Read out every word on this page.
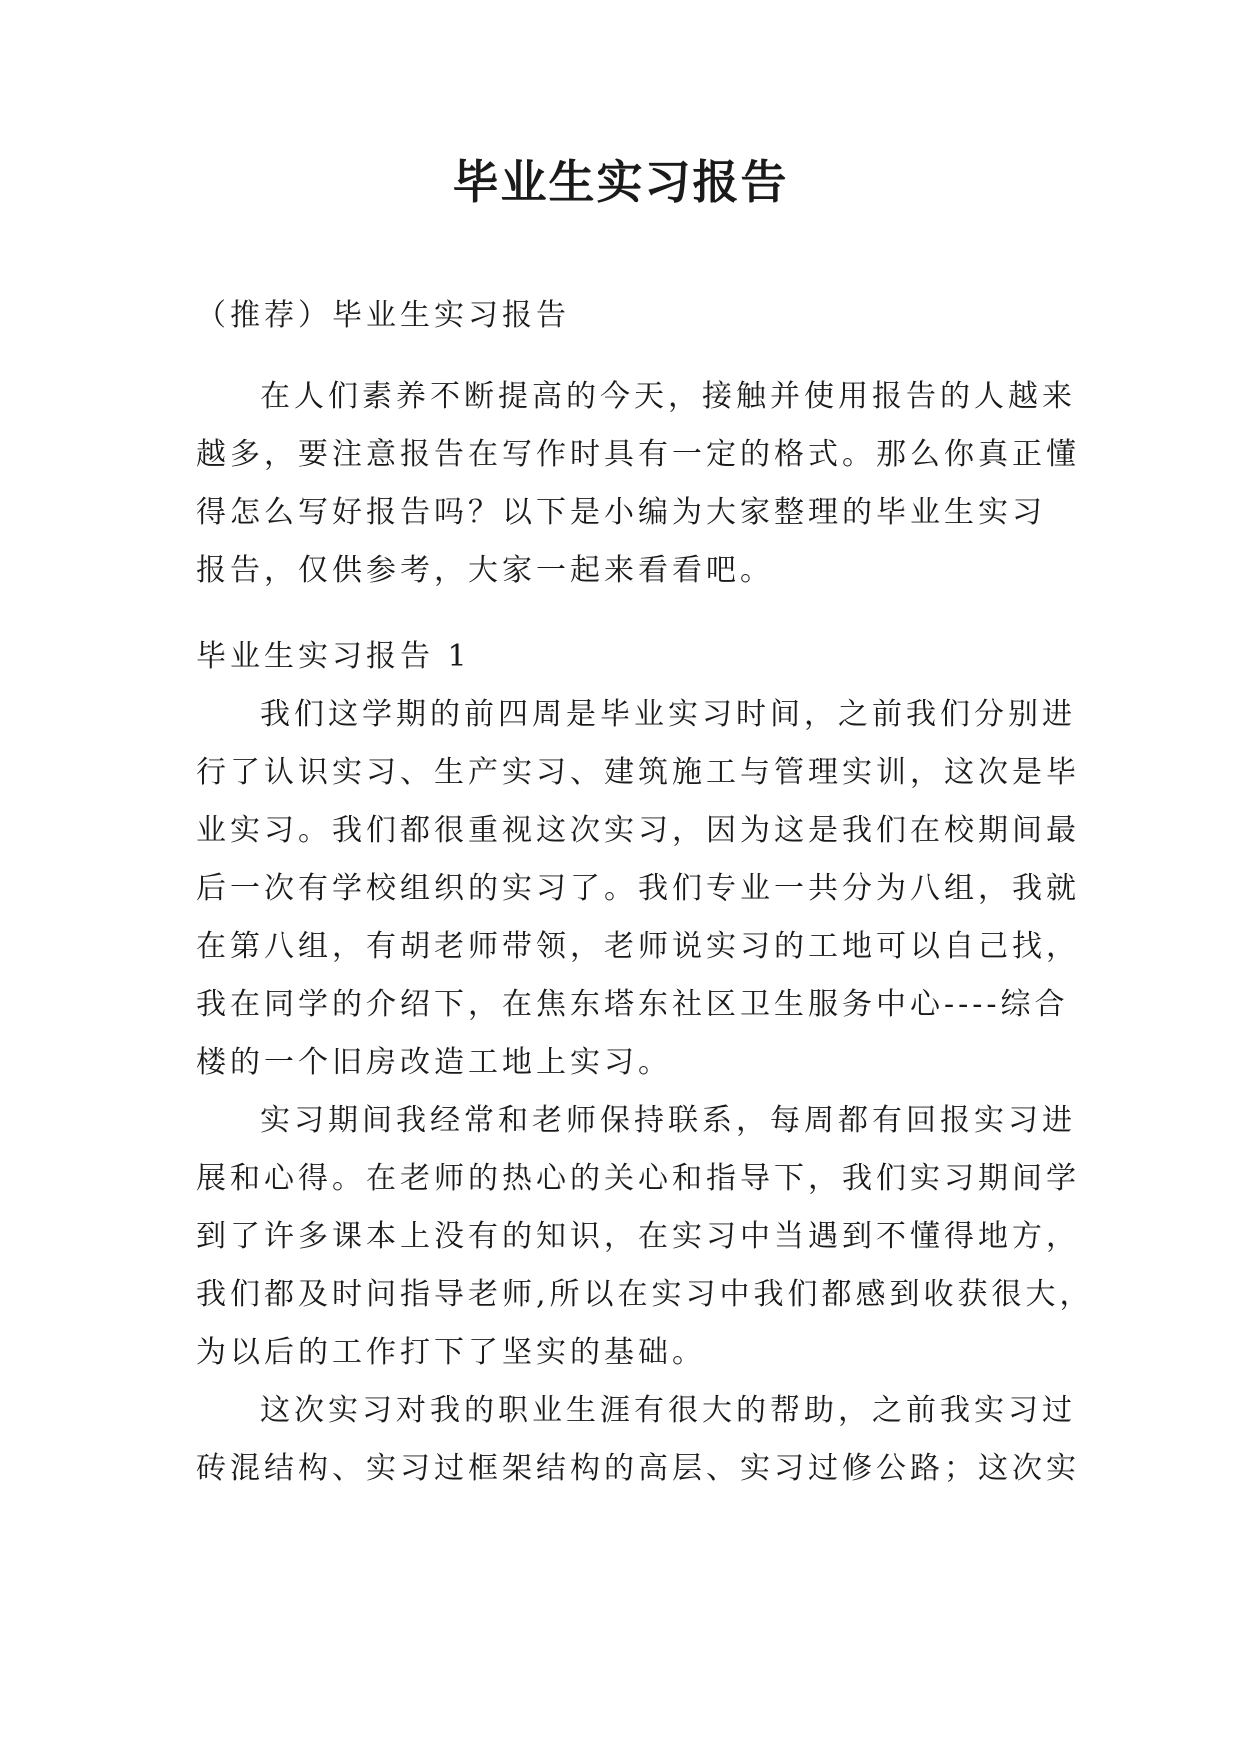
毕业生实习报告
（推荐）毕业生实习报告
在人们素养不断提高的今天，接触并使用报告的人越来
越多，要注意报告在写作时具有一定的格式。那么你真正懂
得怎么写好报告吗？以下是小编为大家整理的毕业生实习
报告，仅供参考，大家一起来看看吧。
毕业生实习报告 1
我们这学期的前四周是毕业实习时间，之前我们分别进
行了认识实习、生产实习、建筑施工与管理实训，这次是毕
业实习。我们都很重视这次实习，因为这是我们在校期间最
后一次有学校组织的实习了。我们专业一共分为八组，我就
在第八组，有胡老师带领，老师说实习的工地可以自己找，
我在同学的介绍下，在焦东塔东社区卫生服务中心----综合
楼的一个旧房改造工地上实习。
实习期间我经常和老师保持联系，每周都有回报实习进
展和心得。在老师的热心的关心和指导下，我们实习期间学
到了许多课本上没有的知识，在实习中当遇到不懂得地方，
我们都及时问指导老师,所以在实习中我们都感到收获很大，
为以后的工作打下了坚实的基础。
这次实习对我的职业生涯有很大的帮助，之前我实习过
砖混结构、实习过框架结构的高层、实习过修公路；这次实
